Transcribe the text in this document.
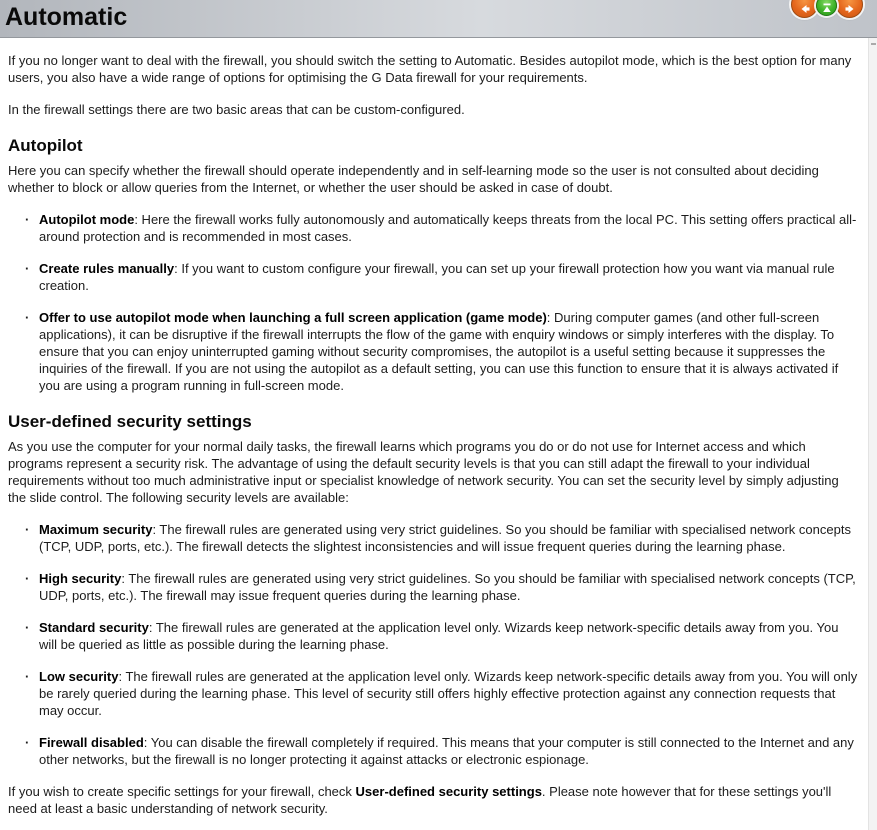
Automatic

If you no longer want to deal with the firewall, you should switch the setting to Automatic. Besides autopilot mode, which is the best option for many users, you also have a wide range of options for optimising the G Data firewall for your requirements.

In the firewall settings there are two basic areas that can be custom-configured.

Autopilot

Here you can specify whether the firewall should operate independently and in self-learning mode so the user is not consulted about deciding whether to block or allow queries from the Internet, or whether the user should be asked in case of doubt.

· Autopilot mode: Here the firewall works fully autonomously and automatically keeps threats from the local PC. This setting offers practical all-around protection and is recommended in most cases.
· Create rules manually: If you want to custom configure your firewall, you can set up your firewall protection how you want via manual rule creation.
· Offer to use autopilot mode when launching a full screen application (game mode): During computer games (and other full-screen applications), it can be disruptive if the firewall interrupts the flow of the game with enquiry windows or simply interferes with the display. To ensure that you can enjoy uninterrupted gaming without security compromises, the autopilot is a useful setting because it suppresses the inquiries of the firewall. If you are not using the autopilot as a default setting, you can use this function to ensure that it is always activated if you are using a program running in full-screen mode.
User-defined security settings

As you use the computer for your normal daily tasks, the firewall learns which programs you do or do not use for Internet access and which programs represent a security risk. The advantage of using the default security levels is that you can still adapt the firewall to your individual requirements without too much administrative input or specialist knowledge of network security. You can set the security level by simply adjusting the slide control. The following security levels are available:

· Maximum security: The firewall rules are generated using very strict guidelines. So you should be familiar with specialised network concepts (TCP, UDP, ports, etc.). The firewall detects the slightest inconsistencies and will issue frequent queries during the learning phase.
· High security: The firewall rules are generated using very strict guidelines. So you should be familiar with specialised network concepts (TCP, UDP, ports, etc.). The firewall may issue frequent queries during the learning phase.
· Standard security: The firewall rules are generated at the application level only. Wizards keep network-specific details away from you. You will be queried as little as possible during the learning phase.
· Low security: The firewall rules are generated at the application level only. Wizards keep network-specific details away from you. You will only be rarely queried during the learning phase. This level of security still offers highly effective protection against any connection requests that may occur.
· Firewall disabled: You can disable the firewall completely if required. This means that your computer is still connected to the Internet and any other networks, but the firewall is no longer protecting it against attacks or electronic espionage.

If you wish to create specific settings for your firewall, check User-defined security settings. Please note however that for these settings you'll need at least a basic understanding of network security.
